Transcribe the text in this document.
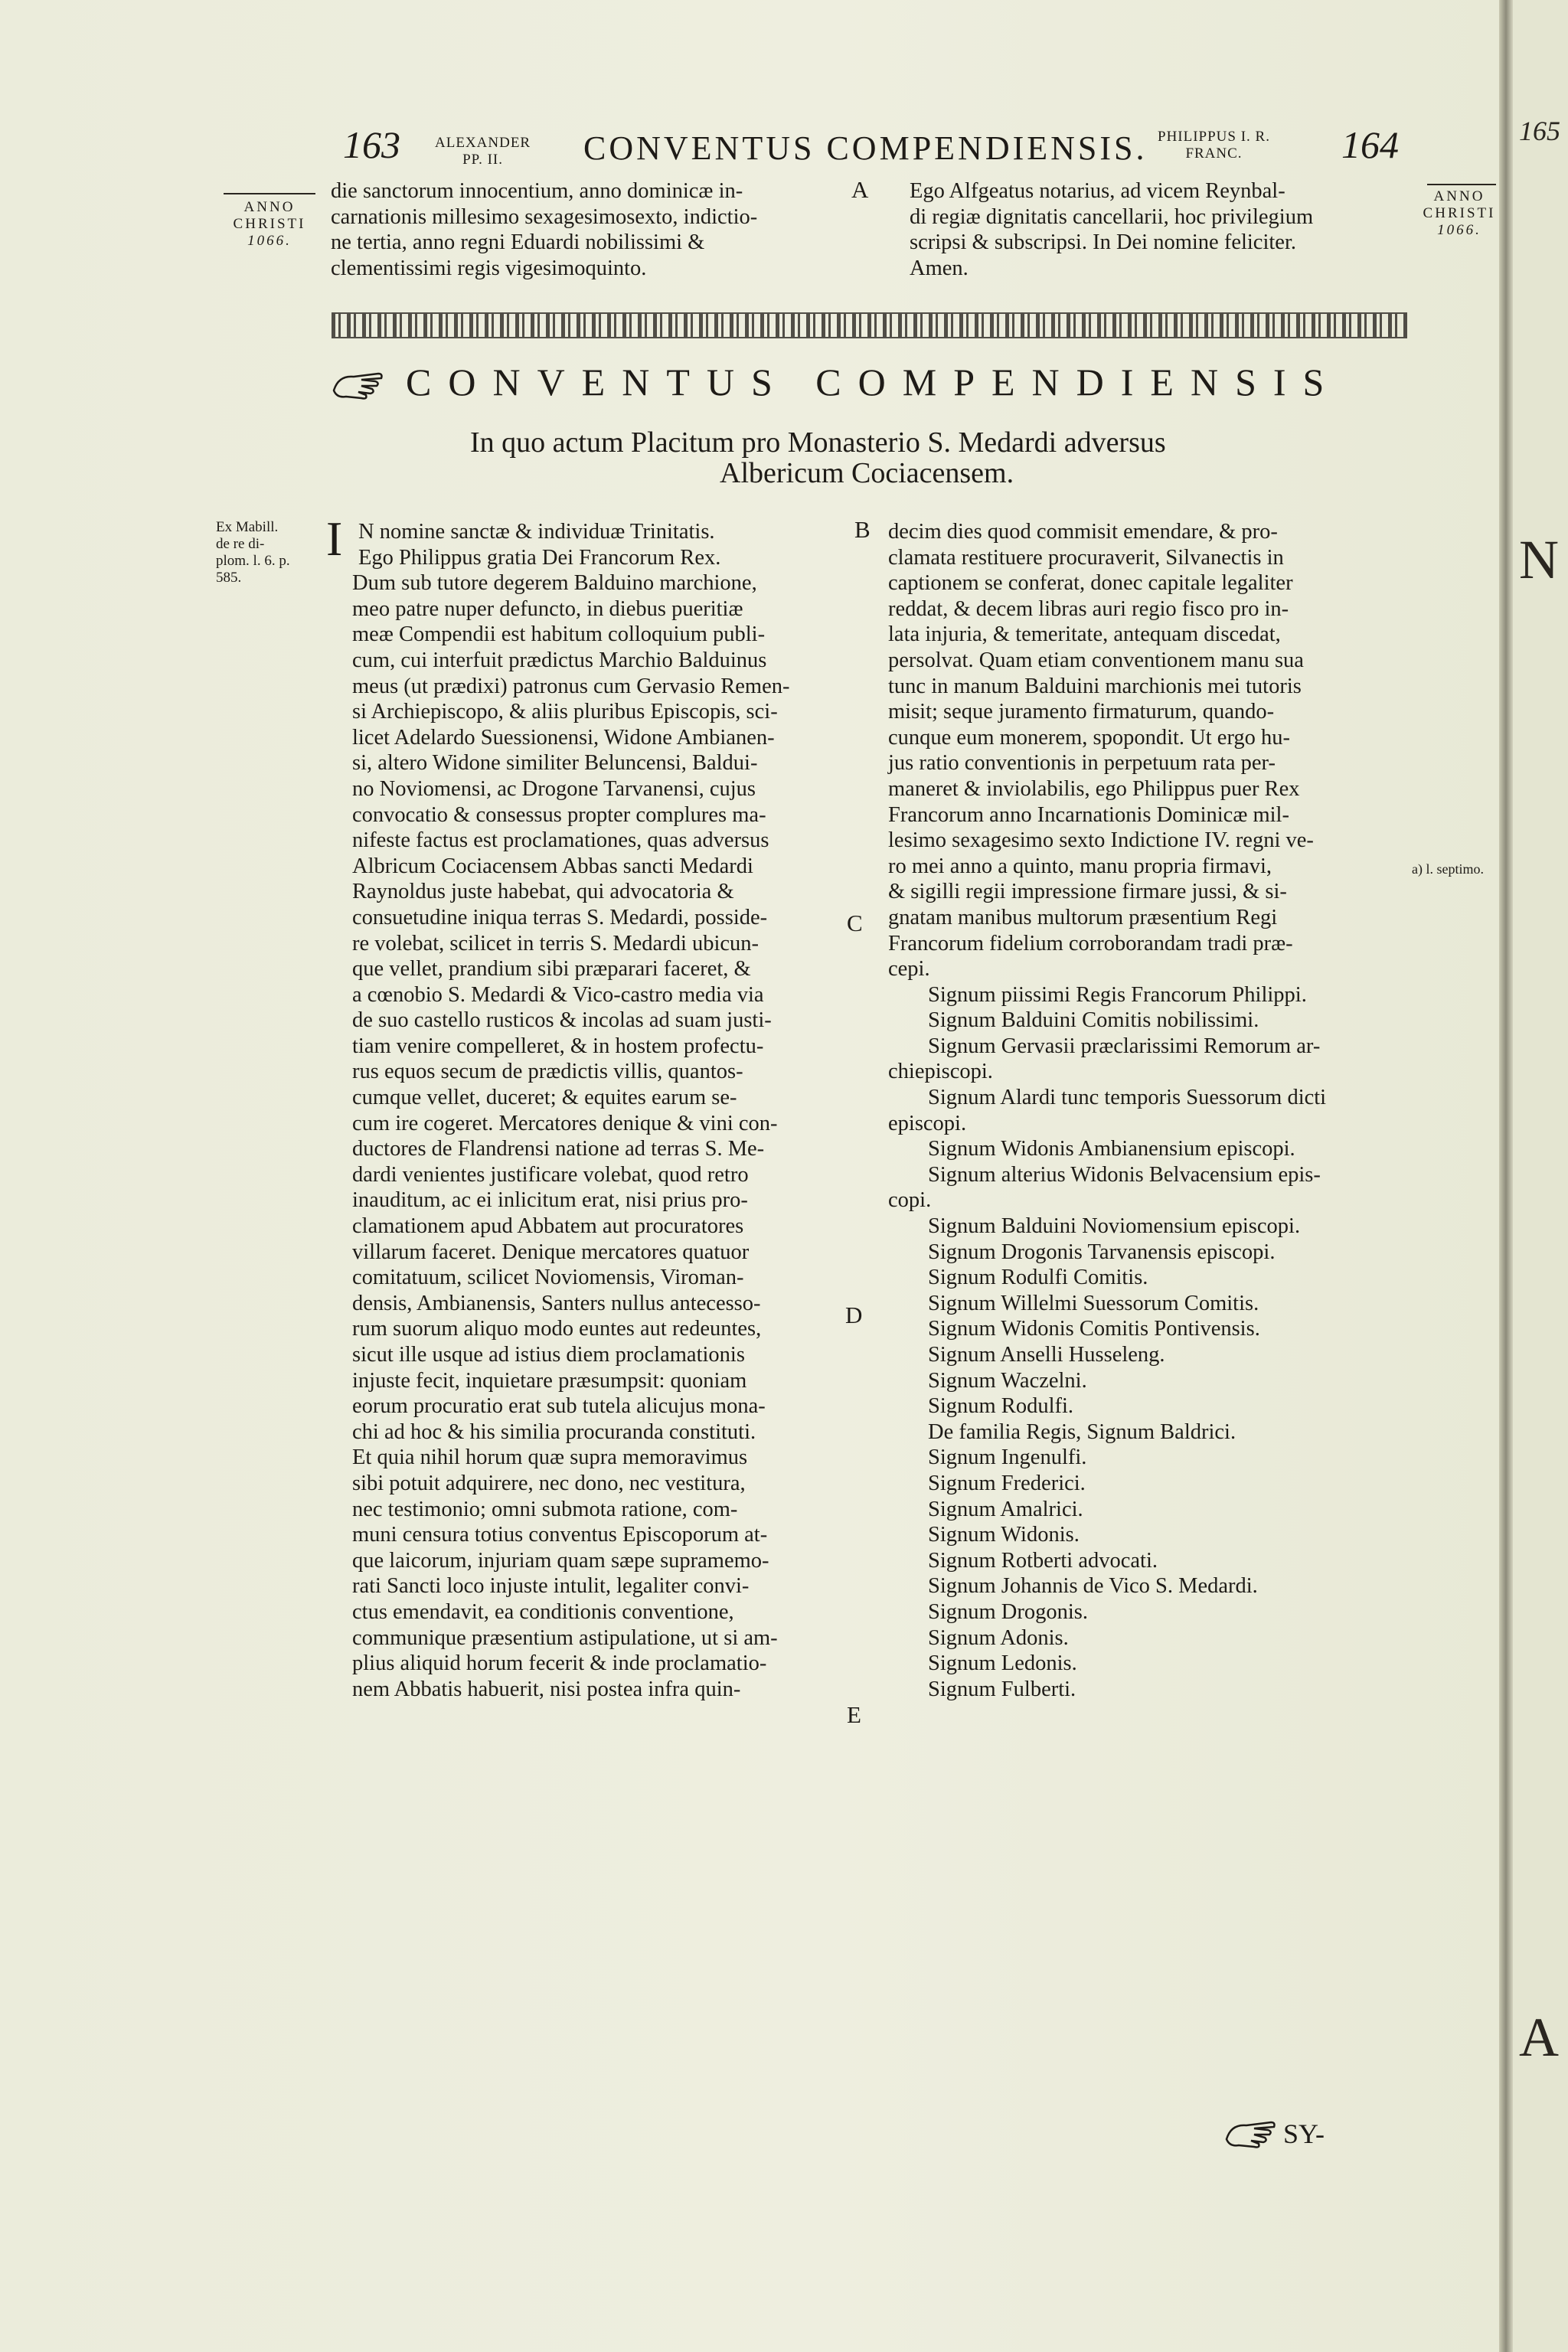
165
N
A
163 ALEXANDER
PP. II.	CONVENTUS COMPENDIENSIS. PHILIPPUS I. R.
FRANC.	164
ANNO
CHRISTI
1066.
ANNO
CHRISTI
1066.
die sanctorum innocentium, anno dominicæ in-
carnationis millesimo sexagesimosexto, indictio-
ne tertia, anno regni Eduardi nobilissimi &
clementissimi regis vigesimoquinto.
A Ego Alfgeatus notarius, ad vicem Reynbal-
di regiæ dignitatis cancellarii, hoc privilegium
scripsi & subscripsi. In Dei nomine feliciter.
Amen.
CONVENTUS COMPENDIENSIS
In quo actum Placitum pro Monasterio S. Medardi adversus
Albericum Cociacensem.
Ex Mabill.
de re di-
plom. l. 6. p.
585.
I N nomine sanctæ & individuæ Trinitatis.
Ego Philippus gratia Dei Francorum Rex.
Dum sub tutore degerem Balduino marchione,
meo patre nuper defuncto, in diebus pueritiæ
meæ Compendii est habitum colloquium publi-
cum, cui interfuit prædictus Marchio Balduinus
meus (ut prædixi) patronus cum Gervasio Remen-
si Archiepiscopo, & aliis pluribus Episcopis, sci-
licet Adelardo Suessionensi, Widone Ambianen-
si, altero Widone similiter Beluncensi, Baldui-
no Noviomensi, ac Drogone Tarvanensi, cujus
convocatio & consessus propter complures ma-
nifeste factus est proclamationes, quas adversus
Albricum Cociacensem Abbas sancti Medardi
Raynoldus juste habebat, qui advocatoria &
consuetudine iniqua terras S. Medardi, posside-
re volebat, scilicet in terris S. Medardi ubicun-
que vellet, prandium sibi præparari faceret, &
a cœnobio S. Medardi & Vico-castro media via
de suo castello rusticos & incolas ad suam justi-
tiam venire compelleret, & in hostem profectu-
rus equos secum de prædictis villis, quantos-
cumque vellet, duceret; & equites earum se-
cum ire cogeret. Mercatores denique & vini con-
ductores de Flandrensi natione ad terras S. Me-
dardi venientes justificare volebat, quod retro
inauditum, ac ei inlicitum erat, nisi prius pro-
clamationem apud Abbatem aut procuratores
villarum faceret. Denique mercatores quatuor
comitatuum, scilicet Noviomensis, Viroman-
densis, Ambianensis, Santers nullus antecesso-
rum suorum aliquo modo euntes aut redeuntes,
sicut ille usque ad istius diem proclamationis
injuste fecit, inquietare præsumpsit: quoniam
eorum procuratio erat sub tutela alicujus mona-
chi ad hoc & his similia procuranda constituti.
Et quia nihil horum quæ supra memoravimus
sibi potuit adquirere, nec dono, nec vestitura,
nec testimonio; omni submota ratione, com-
muni censura totius conventus Episcoporum at-
que laicorum, injuriam quam sæpe supramemo-
rati Sancti loco injuste intulit, legaliter convi-
ctus emendavit, ea conditionis conventione,
communique præsentium astipulatione, ut si am-
plius aliquid horum fecerit & inde proclamatio-
nem Abbatis habuerit, nisi postea infra quin-
B
C
D
E
decim dies quod commisit emendare, & pro-
clamata restituere procuraverit, Silvanectis in
captionem se conferat, donec capitale legaliter
reddat, & decem libras auri regio fisco pro in-
lata injuria, & temeritate, antequam discedat,
persolvat. Quam etiam conventionem manu sua
tunc in manum Balduini marchionis mei tutoris
misit; seque juramento firmaturum, quando-
cunque eum monerem, spopondit. Ut ergo hu-
jus ratio conventionis in perpetuum rata per-
maneret & inviolabilis, ego Philippus puer Rex
Francorum anno Incarnationis Dominicæ mil-
lesimo sexagesimo sexto Indictione IV. regni ve-
ro mei anno a quinto, manu propria firmavi,
& sigilli regii impressione firmare jussi, & si-
gnatam manibus multorum præsentium Regi
Francorum fidelium corroborandam tradi præ-
cepi.
Signum piissimi Regis Francorum Philippi.
Signum Balduini Comitis nobilissimi.
Signum Gervasii præclarissimi Remorum ar-
chiepiscopi.
Signum Alardi tunc temporis Suessorum dicti
episcopi.
Signum Widonis Ambianensium episcopi.
Signum alterius Widonis Belvacensium epis-
copi.
Signum Balduini Noviomensium episcopi.
Signum Drogonis Tarvanensis episcopi.
Signum Rodulfi Comitis.
Signum Willelmi Suessorum Comitis.
Signum Widonis Comitis Pontivensis.
Signum Anselli Husseleng.
Signum Waczelni.
Signum Rodulfi.
De familia Regis, Signum Baldrici.
Signum Ingenulfi.
Signum Frederici.
Signum Amalrici.
Signum Widonis.
Signum Rotberti advocati.
Signum Johannis de Vico S. Medardi.
Signum Drogonis.
Signum Adonis.
Signum Ledonis.
Signum Fulberti.
a) l. septimo.
SY-
